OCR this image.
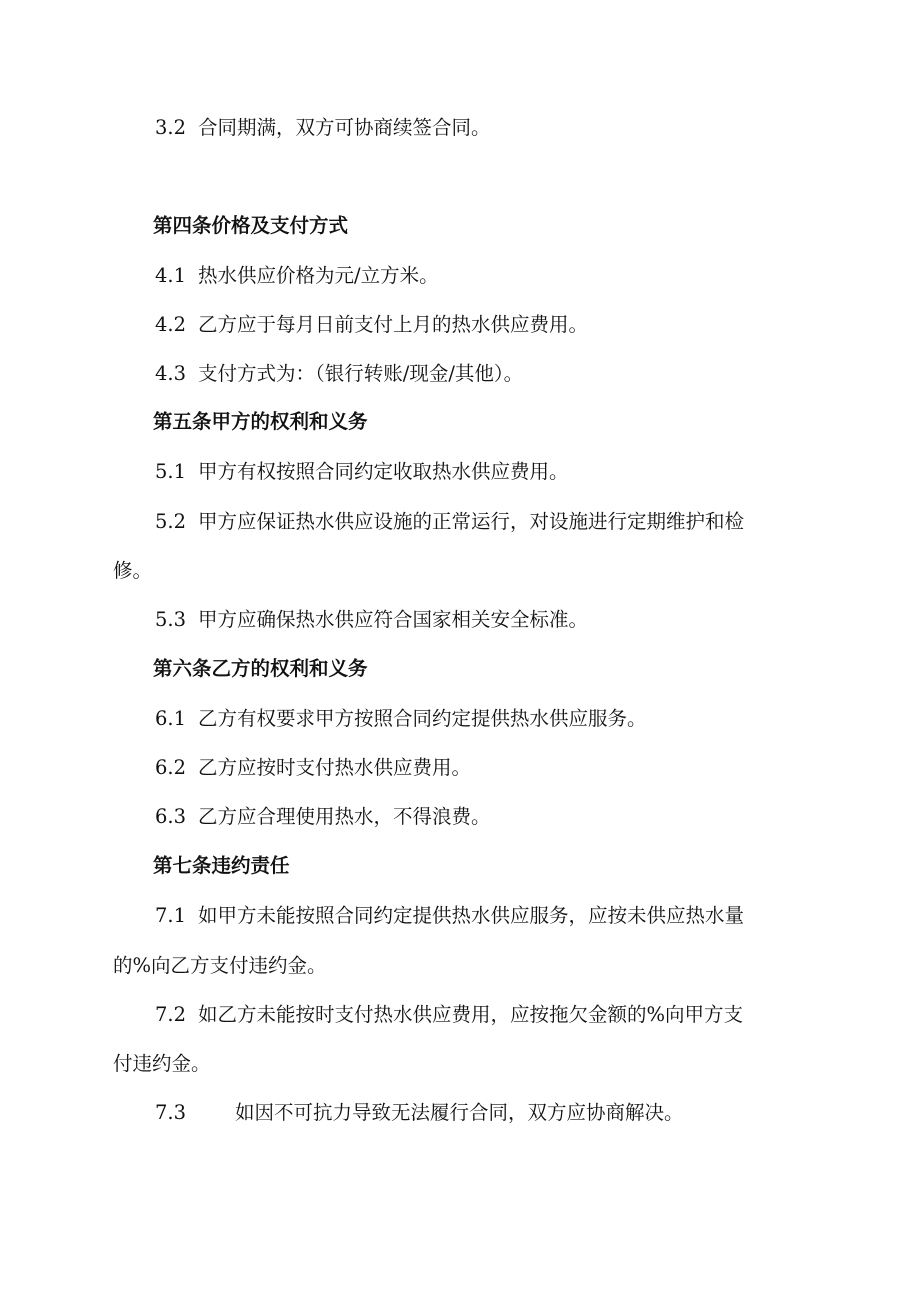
3.2 合同期满，双方可协商续签合同。
第四条价格及支付方式
4.1 热水供应价格为元/立方米。
4.2 乙方应于每月日前支付上月的热水供应费用。
4.3 支付方式为：（银行转账/现金/其他）。
第五条甲方的权利和义务
5.1 甲方有权按照合同约定收取热水供应费用。
5.2 甲方应保证热水供应设施的正常运行，对设施进行定期维护和检
修。
5.3 甲方应确保热水供应符合国家相关安全标准。
第六条乙方的权利和义务
6.1 乙方有权要求甲方按照合同约定提供热水供应服务。
6.2 乙方应按时支付热水供应费用。
6.3 乙方应合理使用热水，不得浪费。
第七条违约责任
7.1 如甲方未能按照合同约定提供热水供应服务，应按未供应热水量
的%向乙方支付违约金。
7.2 如乙方未能按时支付热水供应费用，应按拖欠金额的%向甲方支
付违约金。
7.3	如因不可抗力导致无法履行合同，双方应协商解决。
